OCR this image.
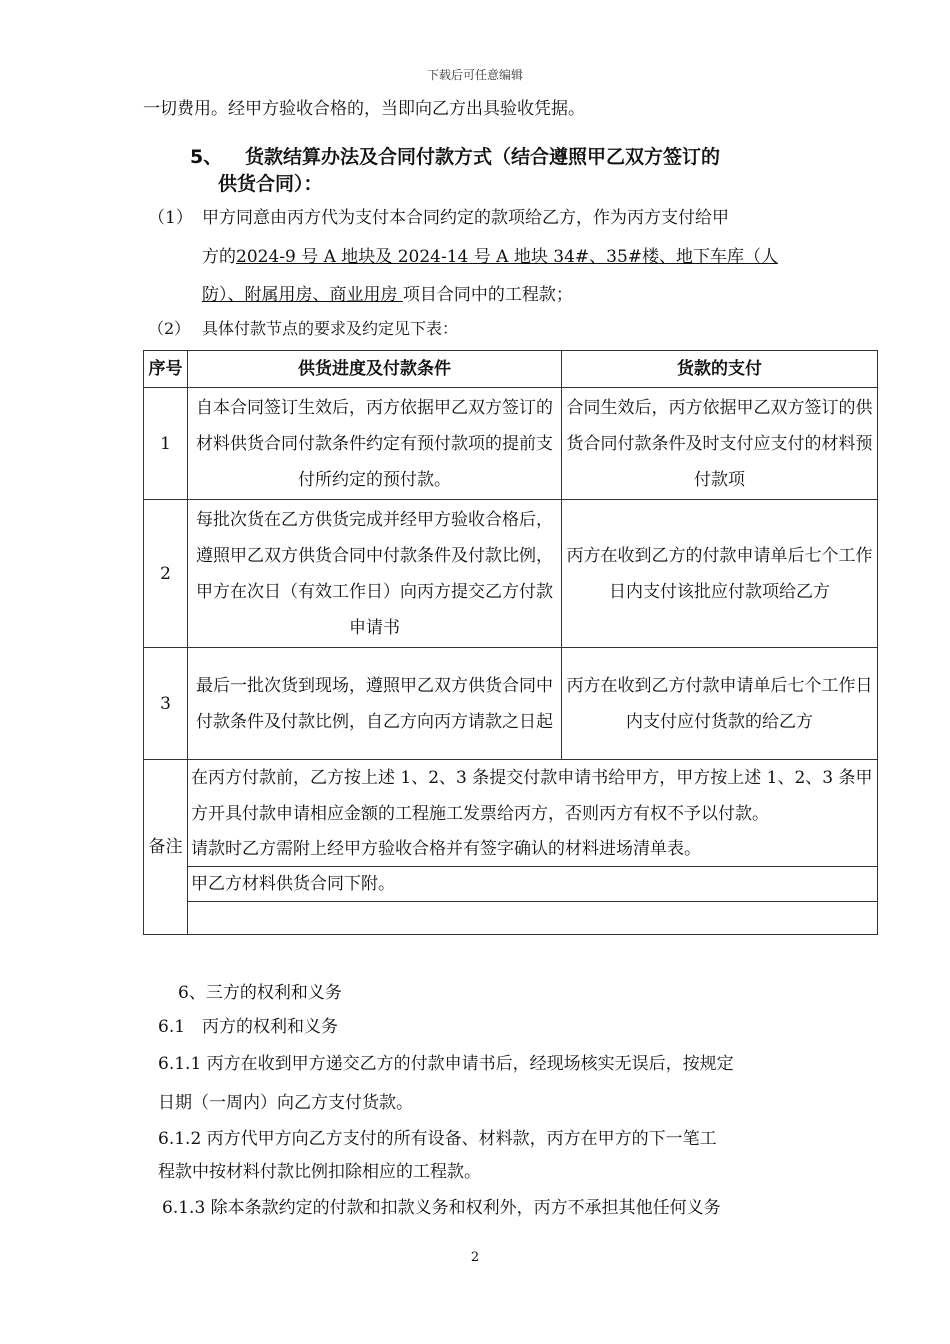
下载后可任意编辑
一切费用。经甲方验收合格的，当即向乙方出具验收凭据。
5、 货款结算办法及合同付款方式（结合遵照甲乙双方签订的
供货合同）：
（1） 甲方同意由丙方代为支付本合同约定的款项给乙方，作为丙方支付给甲
方的2024-9 号 A 地块及 2024-14 号 A 地块 34#、35#楼、地下车库（人
防）、附属用房、商业用房 项目合同中的工程款；
（2） 具体付款节点的要求及约定见下表：
序号	供货进度及付款条件	货款的支付
1	自本合同签订生效后，丙方依据甲乙双方签订的材料供货合同付款条件约定有预付款项的提前支付所约定的预付款。	合同生效后，丙方依据甲乙双方签订的供货合同付款条件及时支付应支付的材料预付款项
2	每批次货在乙方供货完成并经甲方验收合格后，遵照甲乙双方供货合同中付款条件及付款比例，甲方在次日（有效工作日）向丙方提交乙方付款申请书	丙方在收到乙方的付款申请单后七个工作日内支付该批应付款项给乙方
3	最后一批次货到现场，遵照甲乙双方供货合同中付款条件及付款比例，自乙方向丙方请款之日起	丙方在收到乙方付款申请单后七个工作日内支付应付货款的给乙方
备注	在丙方付款前，乙方按上述 1、2、3 条提交付款申请书给甲方，甲方按上述 1、2、3 条甲方开具付款申请相应金额的工程施工发票给丙方，否则丙方有权不予以付款。
请款时乙方需附上经甲方验收合格并有签字确认的材料进场清单表。
甲乙方材料供货合同下附。	
6、三方的权利和义务
6.1　丙方的权利和义务
6.1.1 丙方在收到甲方递交乙方的付款申请书后，经现场核实无误后，按规定
日期（一周内）向乙方支付货款。
6.1.2 丙方代甲方向乙方支付的所有设备、材料款，丙方在甲方的下一笔工
程款中按材料付款比例扣除相应的工程款。
6.1.3 除本条款约定的付款和扣款义务和权利外，丙方不承担其他任何义务
2
